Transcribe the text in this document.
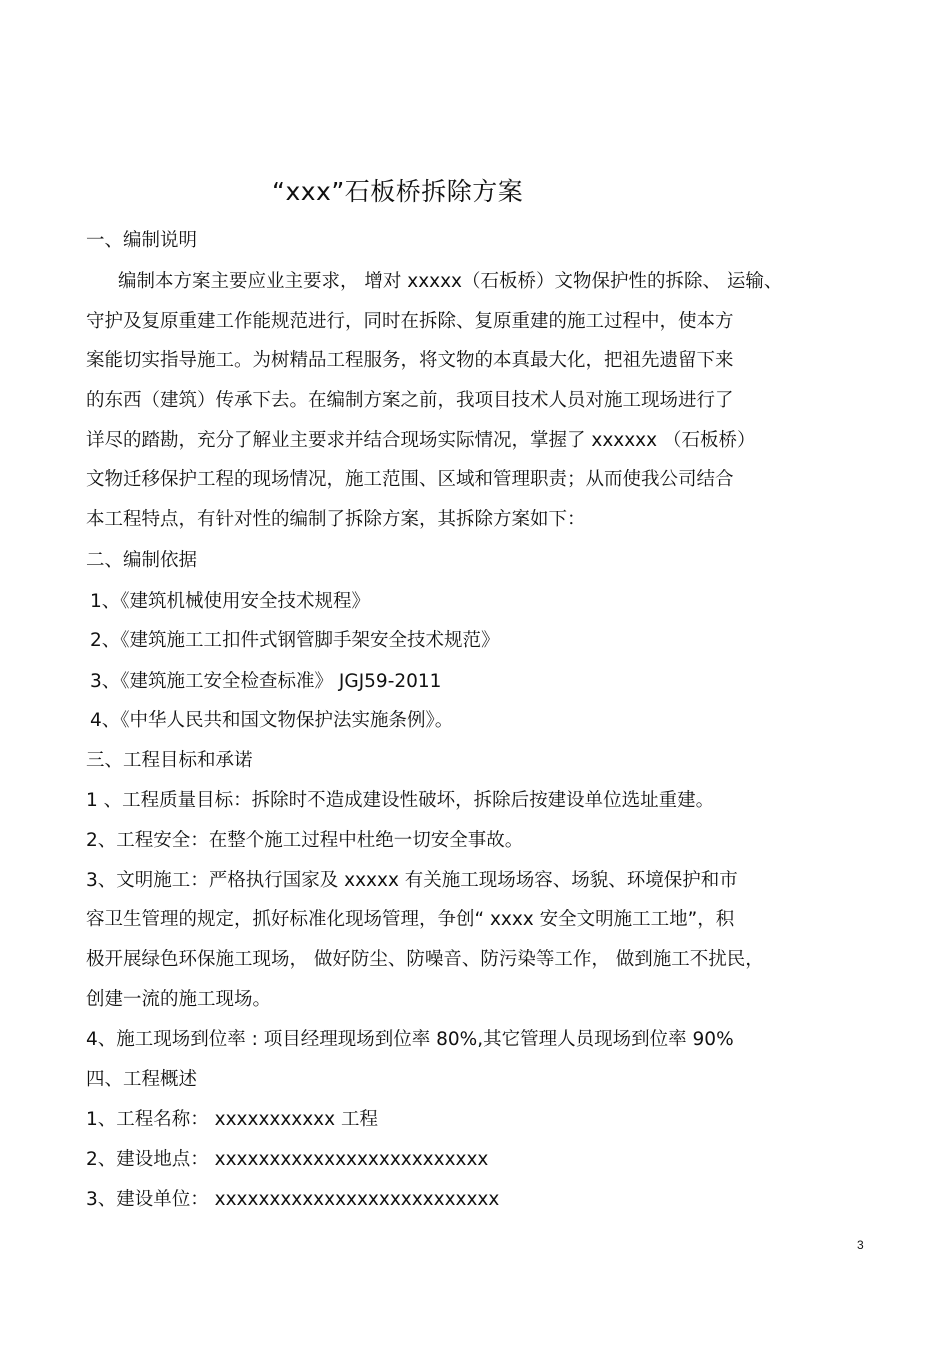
“xxx”石板桥拆除方案
一、编制说明
编制本方案主要应业主要求， 增对 xxxxx（石板桥）文物保护性的拆除、 运输、
守护及复原重建工作能规范进行，同时在拆除、复原重建的施工过程中，使本方
案能切实指导施工。为树精品工程服务，将文物的本真最大化，把祖先遗留下来
的东西（建筑）传承下去。在编制方案之前，我项目技术人员对施工现场进行了
详尽的踏勘，充分了解业主要求并结合现场实际情况，掌握了 xxxxxx （石板桥）
文物迁移保护工程的现场情况，施工范围、区域和管理职责；从而使我公司结合
本工程特点，有针对性的编制了拆除方案，其拆除方案如下：
二、编制依据
1、《建筑机械使用安全技术规程》
2、《建筑施工工扣件式钢管脚手架安全技术规范》
3、《建筑施工安全检查标准》 JGJ59-2011
4、《中华人民共和国文物保护法实施条例》。
三、工程目标和承诺
1 、工程质量目标：拆除时不造成建设性破坏，拆除后按建设单位选址重建。
2、工程安全：在整个施工过程中杜绝一切安全事故。
3、文明施工：严格执行国家及 xxxxx 有关施工现场场容、场貌、环境保护和市
容卫生管理的规定，抓好标准化现场管理，争创“ xxxx 安全文明施工工地”，积
极开展绿色环保施工现场， 做好防尘、防噪音、防污染等工作， 做到施工不扰民，
创建一流的施工现场。
4、施工现场到位率 : 项目经理现场到位率 80%,其它管理人员现场到位率 90%
四、工程概述
1、工程名称： xxxxxxxxxxx 工程
2、建设地点： xxxxxxxxxxxxxxxxxxxxxxxxx
3、建设单位： xxxxxxxxxxxxxxxxxxxxxxxxxx
3
